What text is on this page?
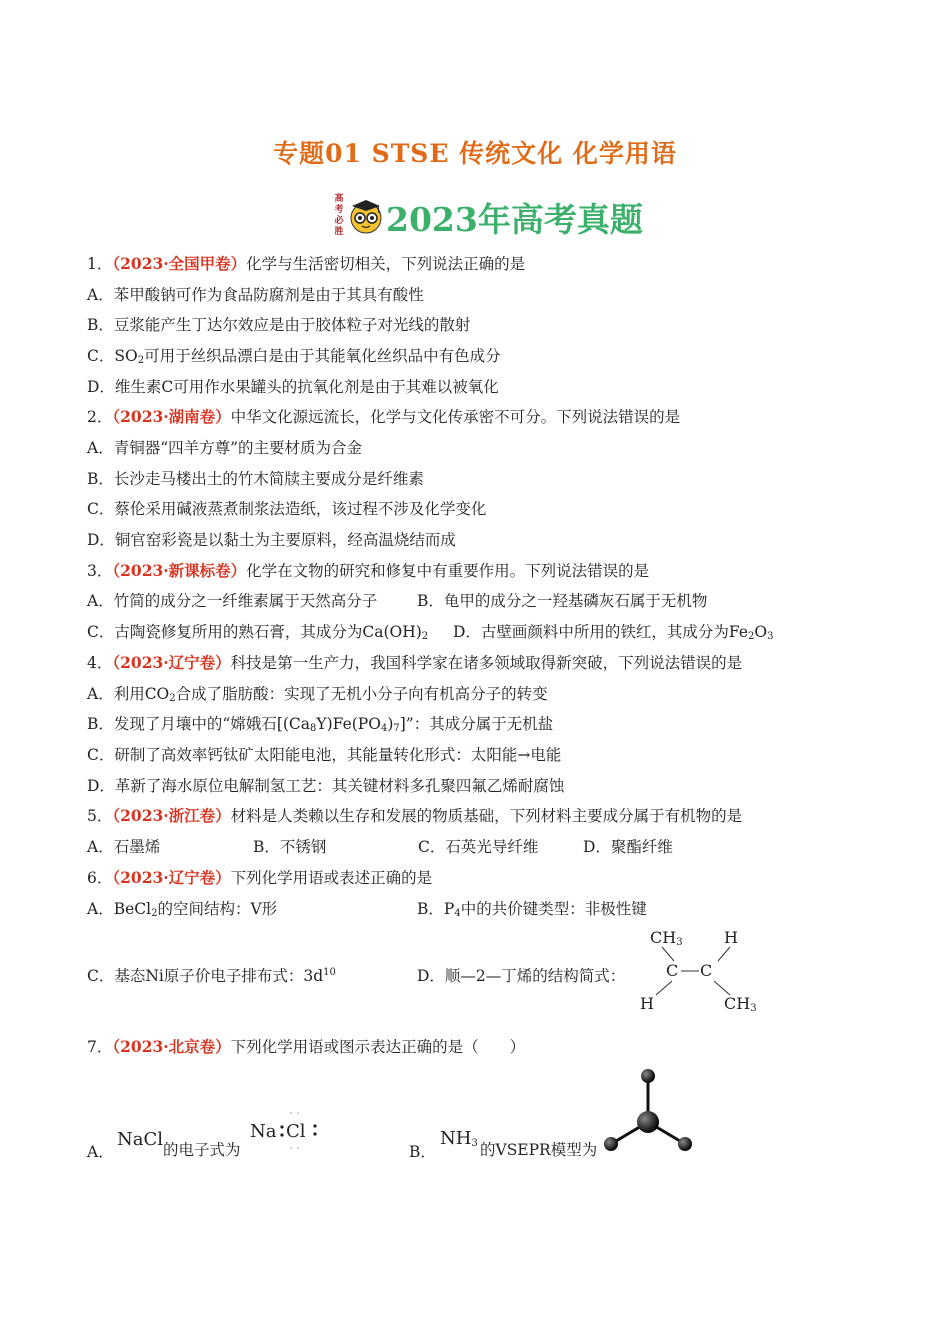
专题01 STSE 传统文化 化学用语
高考必胜 2023年高考真题
1．（2023·全国甲卷）化学与生活密切相关，下列说法正确的是
A．苯甲酸钠可作为食品防腐剂是由于其具有酸性
B．豆浆能产生丁达尔效应是由于胶体粒子对光线的散射
C．$SO_2$可用于丝织品漂白是由于其能氧化丝织品中有色成分
D．维生素C可用作水果罐头的抗氧化剂是由于其难以被氧化
2．（2023·湖南卷）中华文化源远流长，化学与文化传承密不可分。下列说法错误的是
A．青铜器“四羊方尊”的主要材质为合金
B．长沙走马楼出土的竹木简牍主要成分是纤维素
C．蔡伦采用碱液蒸煮制浆法造纸，该过程不涉及化学变化
D．铜官窑彩瓷是以黏土为主要原料，经高温烧结而成
3．（2023·新课标卷）化学在文物的研究和修复中有重要作用。下列说法错误的是
A．竹简的成分之一纤维素属于天然高分子	B．龟甲的成分之一羟基磷灰石属于无机物
C．古陶瓷修复所用的熟石膏，其成分为$Ca(OH)_2$ D．古壁画颜料中所用的铁红，其成分为$Fe_2O_3$
4．（2023·辽宁卷）科技是第一生产力，我国科学家在诸多领域取得新突破，下列说法错误的是
A．利用$CO_2$合成了脂肪酸：实现了无机小分子向有机高分子的转变
B．发现了月壤中的“嫦娥石$[(Ca_8Y)Fe(PO_4)_7]$”：其成分属于无机盐
C．研制了高效率钙钛矿太阳能电池，其能量转化形式：太阳能→电能
D．革新了海水原位电解制氢工艺：其关键材料多孔聚四氟乙烯耐腐蚀
5．（2023·浙江卷）材料是人类赖以生存和发展的物质基础，下列材料主要成分属于有机物的是
A．石墨烯	B．不锈钢	C．石英光导纤维	D．聚酯纤维
6．（2023·辽宁卷）下列化学用语或表述正确的是
A．BeCl$_2$的空间结构：V形	B．$P_4$中的共价键类型：非极性键
C．基态Ni原子价电子排布式：$3d^{10}$	D．顺—2—丁烯的结构简式：
$CH_3$	H
C C
H	$CH_3$
7．（2023·北京卷）下列化学用语或图示表达正确的是（　　）
A．
NaCl 的电子式为
Na Cl
B．
$NH_3$ 的VSEPR模型为
